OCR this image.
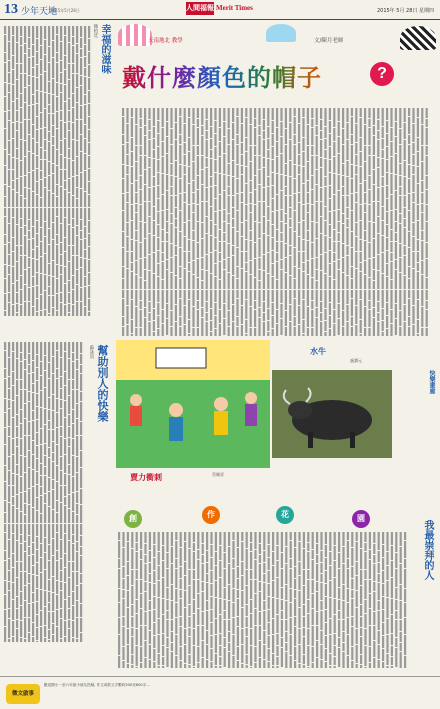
13 少年天地
2015年5月28日	人間福報 Merit Times	2015年 5月 28日 星期四
幸福的滋味
陳柏廷
幫助別人的快樂
蘇詠宸
天南地北 教學	文/陳月老師
戴什麼顏色的帽子	?
賣力衝刺	蔡爾晉
水牛
盧讚元
快樂畫廊
創	作	花	園
我最崇拜的人
徵文啟事
歡迎國小一至六年級小朋友投稿, 作文或散文字數約500至800字...
